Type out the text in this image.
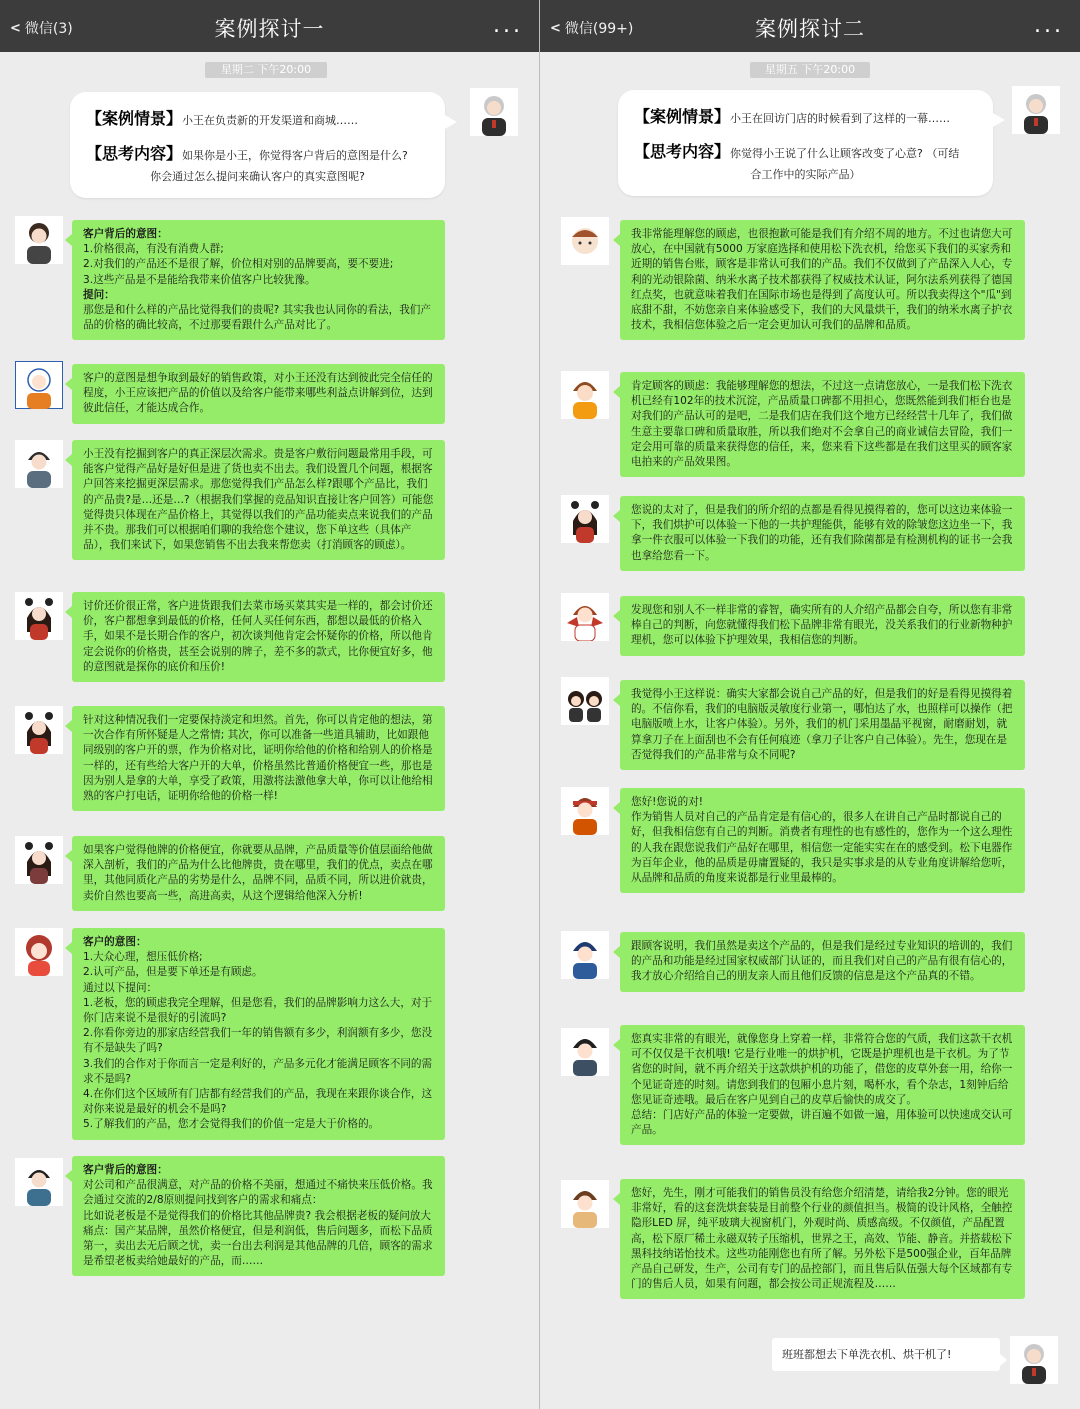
< 微信(3)	案例探讨一	...
星期二 下午20:00
【案例情景】 小王在负责新的开发渠道和商城……
【思考内容】 如果你是小王，你觉得客户背后的意图是什么?
你会通过怎么提问来确认客户的真实意图呢?
客户背后的意图：
1.价格很高，有没有消费人群;
2.对我们的产品还不是很了解，价位相对别的品牌要高，要不要进;
3.这些产品是不是能给我带来价值客户比较犹豫。
提问：
那您是和什么样的产品比觉得我们的贵呢? 其实我也认同你的看法，我们产品的价格的确比较高，不过那要看跟什么产品对比了。
客户的意图是想争取到最好的销售政策，对小王还没有达到彼此完全信任的程度，小王应该把产品的价值以及给客户能带来哪些利益点讲解到位，达到彼此信任，才能达成合作。
小王没有挖掘到客户的真正深层次需求。贵是客户敷衍问题最常用手段，可能客户觉得产品好是好但是进了货也卖不出去。我们设置几个问题，根据客户回答来挖掘更深层需求。那您觉得我们产品怎么样?跟哪个产品比，我们的产品贵?是…还是…?（根据我们掌握的竞品知识直接让客户回答）可能您觉得贵只体现在产品价格上，其觉得以我们的产品功能卖点来说我们的产品并不贵。那我们可以根据咱们聊的我给您个建议，您下单这些（具体产品），我们来试下，如果您销售不出去我来帮您卖（打消顾客的顾虑）。
讨价还价很正常，客户进货跟我们去菜市场买菜其实是一样的，都会讨价还价，客户都想拿到最低的价格，任何人买任何东西，都想以最低的价格入手，如果不是长期合作的客户，初次谈判他肯定会怀疑你的价格，所以他肯定会说你的价格贵，甚至会说别的牌子，差不多的款式，比你便宜好多，他的意图就是探你的底价和压价!
针对这种情况我们一定要保持淡定和坦然。首先，你可以肯定他的想法，第一次合作有所怀疑是人之常情; 其次，你可以准备一些道具辅助，比如跟他同级别的客户开的票，作为价格对比，证明你给他的价格和给别人的价格是一样的，还有些给大客户开的大单，价格虽然比普通价格便宜一些，那也是因为别人是拿的大单，享受了政策，用激将法激他拿大单，你可以让他给相熟的客户打电话，证明你给他的价格一样!
如果客户觉得他牌的价格便宜，你就要从品牌，产品质量等价值层面给他做深入剖析，我们的产品为什么比他牌贵，贵在哪里，我们的优点，卖点在哪里，其他同质化产品的劣势是什么，品牌不同，品质不同，所以进价就贵，卖价自然也要高一些，高进高卖，从这个逻辑给他深入分析!
客户的意图：
1.大众心理，想压低价格;
2.认可产品，但是要下单还是有顾虑。
通过以下提问：
1.老板，您的顾虑我完全理解，但是您看，我们的品牌影响力这么大，对于你门店来说不是很好的引流吗?
2.你看你旁边的那家店经营我们一年的销售额有多少，利润额有多少，您没有不是缺失了吗?
3.我们的合作对于你而言一定是利好的，产品多元化才能满足顾客不同的需求不是吗?
4.在你们这个区域所有门店都有经营我们的产品，我现在来跟你谈合作，这对你来说是最好的机会不是吗?
5.了解我们的产品，您才会觉得我们的价值一定是大于价格的。
客户背后的意图：
对公司和产品很满意，对产品的价格不美丽，想通过不痛快来压低价格。我会通过交流的2/8原则提问找到客户的需求和痛点：
比如说老板是不是觉得我们的价格比其他品牌贵? 我会根据老板的疑问放大痛点：国产某品牌，虽然价格便宜，但是利润低，售后问题多，而松下品质第一，卖出去无后顾之忧，卖一台出去利润是其他品牌的几倍，顾客的需求是希望老板卖给她最好的产品，而……
< 微信(99+)	案例探讨二	...
星期五 下午20:00
【案例情景】 小王在回访门店的时候看到了这样的一幕……
【思考内容】 你觉得小王说了什么让顾客改变了心意? （可结
合工作中的实际产品）
我非常能理解您的顾虑，也很抱歉可能是我们有介绍不周的地方。不过也请您大可放心，在中国就有5000 万家庭选择和使用松下洗衣机，给您买下我们的买家秀和近期的销售台账，顾客是非常认可我们的产品。我们不仅做到了产品深入人心，专利的光动银除菌、纳米水离子技术都获得了权威技术认证，阿尔法系列获得了德国红点奖，也就意味着我们在国际市场也是得到了高度认可。所以我卖得这个"瓜"到底甜不甜，不妨您亲自来体验感受下，我们的大风量烘干，我们的纳米水离子护衣技术，我相信您体验之后一定会更加认可我们的品牌和品质。
肯定顾客的顾虑：我能够理解您的想法，不过这一点请您放心，一是我们松下洗衣机已经有102年的技术沉淀，产品质量口碑都不用担心，您既然能到我们柜台也是对我们的产品认可的是吧，二是我们店在我们这个地方已经经营十几年了，我们做生意主要靠口碑和质量取胜，所以我们绝对不会拿自己的商业诚信去冒险，我们一定会用可靠的质量来获得您的信任，来，您来看下这些都是在我们这里买的顾客家电拍来的产品效果图。
您说的太对了，但是我们的所介绍的点都是看得见摸得着的，您可以这边来体验一下，我们烘护可以体验一下他的一共护理能供，能够有效的除皱您这边坐一下，我拿一件衣服可以体验一下我们的功能，还有我们除菌都是有检测机构的证书一会我也拿给您看一下。
发现您和别人不一样非常的睿智，确实所有的人介绍产品都会自夸，所以您有非常棒自己的判断，向您就懂得我们松下品牌非常有眼光，没关系我们的行业新物种护理机，您可以体验下护理效果，我相信您的判断。
我觉得小王这样说：确实大家都会说自己产品的好，但是我们的好是看得见摸得着的。不信你看，我们的电脑版灵敏度行业第一，哪怕达了水，也照样可以操作（把电脑版喷上水，让客户体验）。另外，我们的机门采用墨晶平视窗，耐磨耐划，就算拿刀子在上面刮也不会有任何痕迹（拿刀子让客户自己体验）。先生，您现在是否觉得我们的产品非常与众不同呢?
您好!您说的对!
作为销售人员对自己的产品肯定是有信心的，很多人在讲自己产品时都说自己的好，但我相信您有自己的判断。消费者有理性的也有感性的，您作为一个这么理性的人我在跟您说我们产品好在哪里，相信您一定能实实在在的感受到。松下电器作为百年企业，他的品质是毋庸置疑的，我只是实事求是的从专业角度讲解给您听，从品牌和品质的角度来说都是行业里最棒的。
跟顾客说明，我们虽然是卖这个产品的，但是我们是经过专业知识的培训的，我们的产品和功能是经过国家权威部门认证的，而且我们对自己的产品有很有信心的，我才放心介绍给自己的朋友亲人而且他们反馈的信息是这个产品真的不错。
您真实非常的有眼光，就像您身上穿着一样，非常符合您的气质，我们这款干衣机可不仅仅是干衣机哦! 它是行业唯一的烘护机，它既是护理机也是干衣机。为了节省您的时间，就不再介绍关于这款烘护机的功能了，借您的皮草外套一用，给你一个见证奇迹的时刻。请您到我们的包厢小息片刻，喝杯水，看个杂志，1刻钟后给您见证奇迹哦。最后在客户见到自己的皮草后愉快的成交了。
总结：门店好产品的体验一定要做，讲百遍不如做一遍，用体验可以快速成交认可产品。
您好，先生，刚才可能我们的销售员没有给您介绍清楚，请给我2分钟。您的眼光非常好，看的这套洗烘套装是目前整个行业的颜值担当。极简的设计风格，全触控隐形LED 屏，纯平玻璃大视窗机门，外观时尚、质感高级。不仅颜值，产品配置高，松下原厂稀土永磁双转子压缩机，世界之王，高效、节能、静音。并搭载松下黑科技纳诺怡技术。这些功能刚您也有所了解。另外松下是500强企业，百年品牌产品自己研发，生产，公司有专门的品控部门，而且售后队伍强大每个区域都有专门的售后人员，如果有问题，都会按公司正规流程及……
班班都想去下单洗衣机、烘干机了!
